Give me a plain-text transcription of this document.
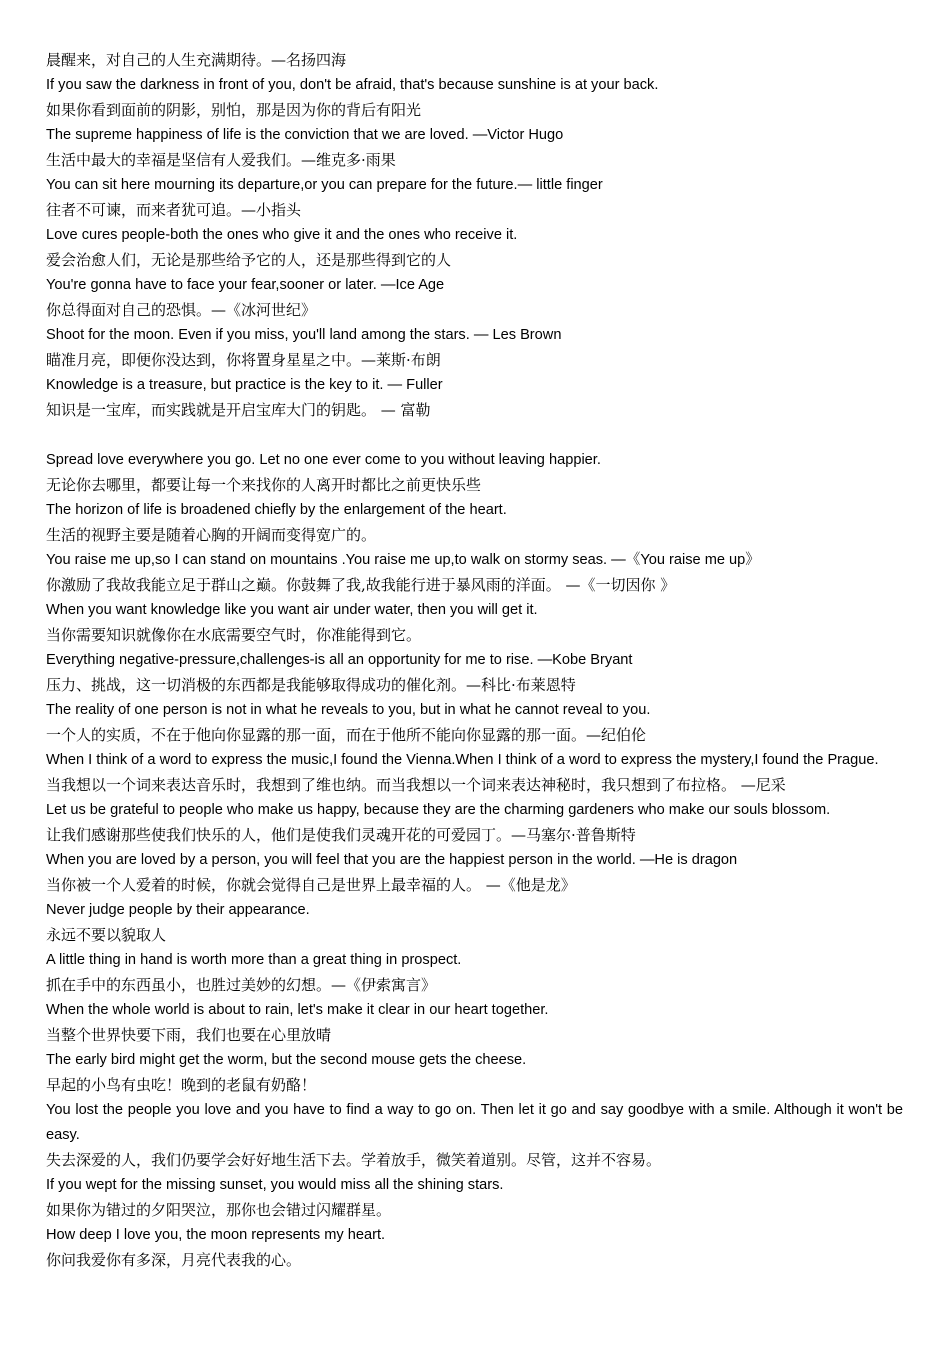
晨醒来，对自己的人生充满期待。—名扬四海

If you saw the darkness in front of you, don't be afraid, that's because sunshine is at your back.

如果你看到面前的阴影，别怕，那是因为你的背后有阳光

The supreme happiness of life is the conviction that we are loved. —Victor Hugo

生活中最大的幸福是坚信有人爱我们。—维克多·雨果

You can sit here mourning its departure,or you can prepare for the future.— little finger

往者不可谏，而来者犹可追。—小指头

Love cures people-both the ones who give it and the ones who receive it.

爱会治愈人们，无论是那些给予它的人，还是那些得到它的人

You're gonna have to face your fear,sooner or later. —Ice Age

你总得面对自己的恐惧。—《冰河世纪》

Shoot for the moon. Even if you miss, you'll land among the stars. — Les Brown

瞄准月亮，即便你没达到，你将置身星星之中。—莱斯·布朗

Knowledge is a treasure, but practice is the key to it. — Fuller

知识是一宝库，而实践就是开启宝库大门的钥匙。 — 富勒

Spread love everywhere you go. Let no one ever come to you without leaving happier.

无论你去哪里，都要让每一个来找你的人离开时都比之前更快乐些

The horizon of life is broadened chiefly by the enlargement of the heart.

生活的视野主要是随着心胸的开阔而变得宽广的。

You raise me up,so I can stand on mountains .You raise me up,to walk on stormy seas. —《You raise me up》

你激励了我故我能立足于群山之巅。你鼓舞了我,故我能行进于暴风雨的洋面。 —《一切因你 》

When you want knowledge like you want air under water, then you will get it.

当你需要知识就像你在水底需要空气时，你准能得到它。

Everything negative-pressure,challenges-is all an opportunity for me to rise. —Kobe Bryant

压力、挑战，这一切消极的东西都是我能够取得成功的催化剂。—科比·布莱恩特

The reality of one person is not in what he reveals to you, but in what he cannot reveal to you.

一个人的实质，不在于他向你显露的那一面，而在于他所不能向你显露的那一面。—纪伯伦

When I think of a word to express the music,I found the Vienna.When I think of a word to express the mystery,I found the Prague.

当我想以一个词来表达音乐时，我想到了维也纳。而当我想以一个词来表达神秘时，我只想到了布拉格。 —尼采

Let us be grateful to people who make us happy, because they are the charming gardeners who make our souls blossom.

让我们感谢那些使我们快乐的人，他们是使我们灵魂开花的可爱园丁。—马塞尔·普鲁斯特

When you are loved by a person, you will feel that you are the happiest person in the world. —He is dragon

当你被一个人爱着的时候，你就会觉得自己是世界上最幸福的人。 —《他是龙》

Never judge people by their appearance.

永远不要以貌取人

A little thing in hand is worth more than a great thing in prospect.

抓在手中的东西虽小，也胜过美妙的幻想。—《伊索寓言》

When the whole world is about to rain, let's make it clear in our heart together.

当整个世界快要下雨，我们也要在心里放晴

The early bird might get the worm, but the second mouse gets the cheese.

早起的小鸟有虫吃！晚到的老鼠有奶酪！

You lost the people you love and you have to find a way to go on. Then let it go and say goodbye with a smile. Although it won't be easy.

失去深爱的人，我们仍要学会好好地生活下去。学着放手，微笑着道别。尽管，这并不容易。

If you wept for the missing sunset, you would miss all the shining stars.

如果你为错过的夕阳哭泣，那你也会错过闪耀群星。

How deep I love you, the moon represents my heart.

你问我爱你有多深，月亮代表我的心。
